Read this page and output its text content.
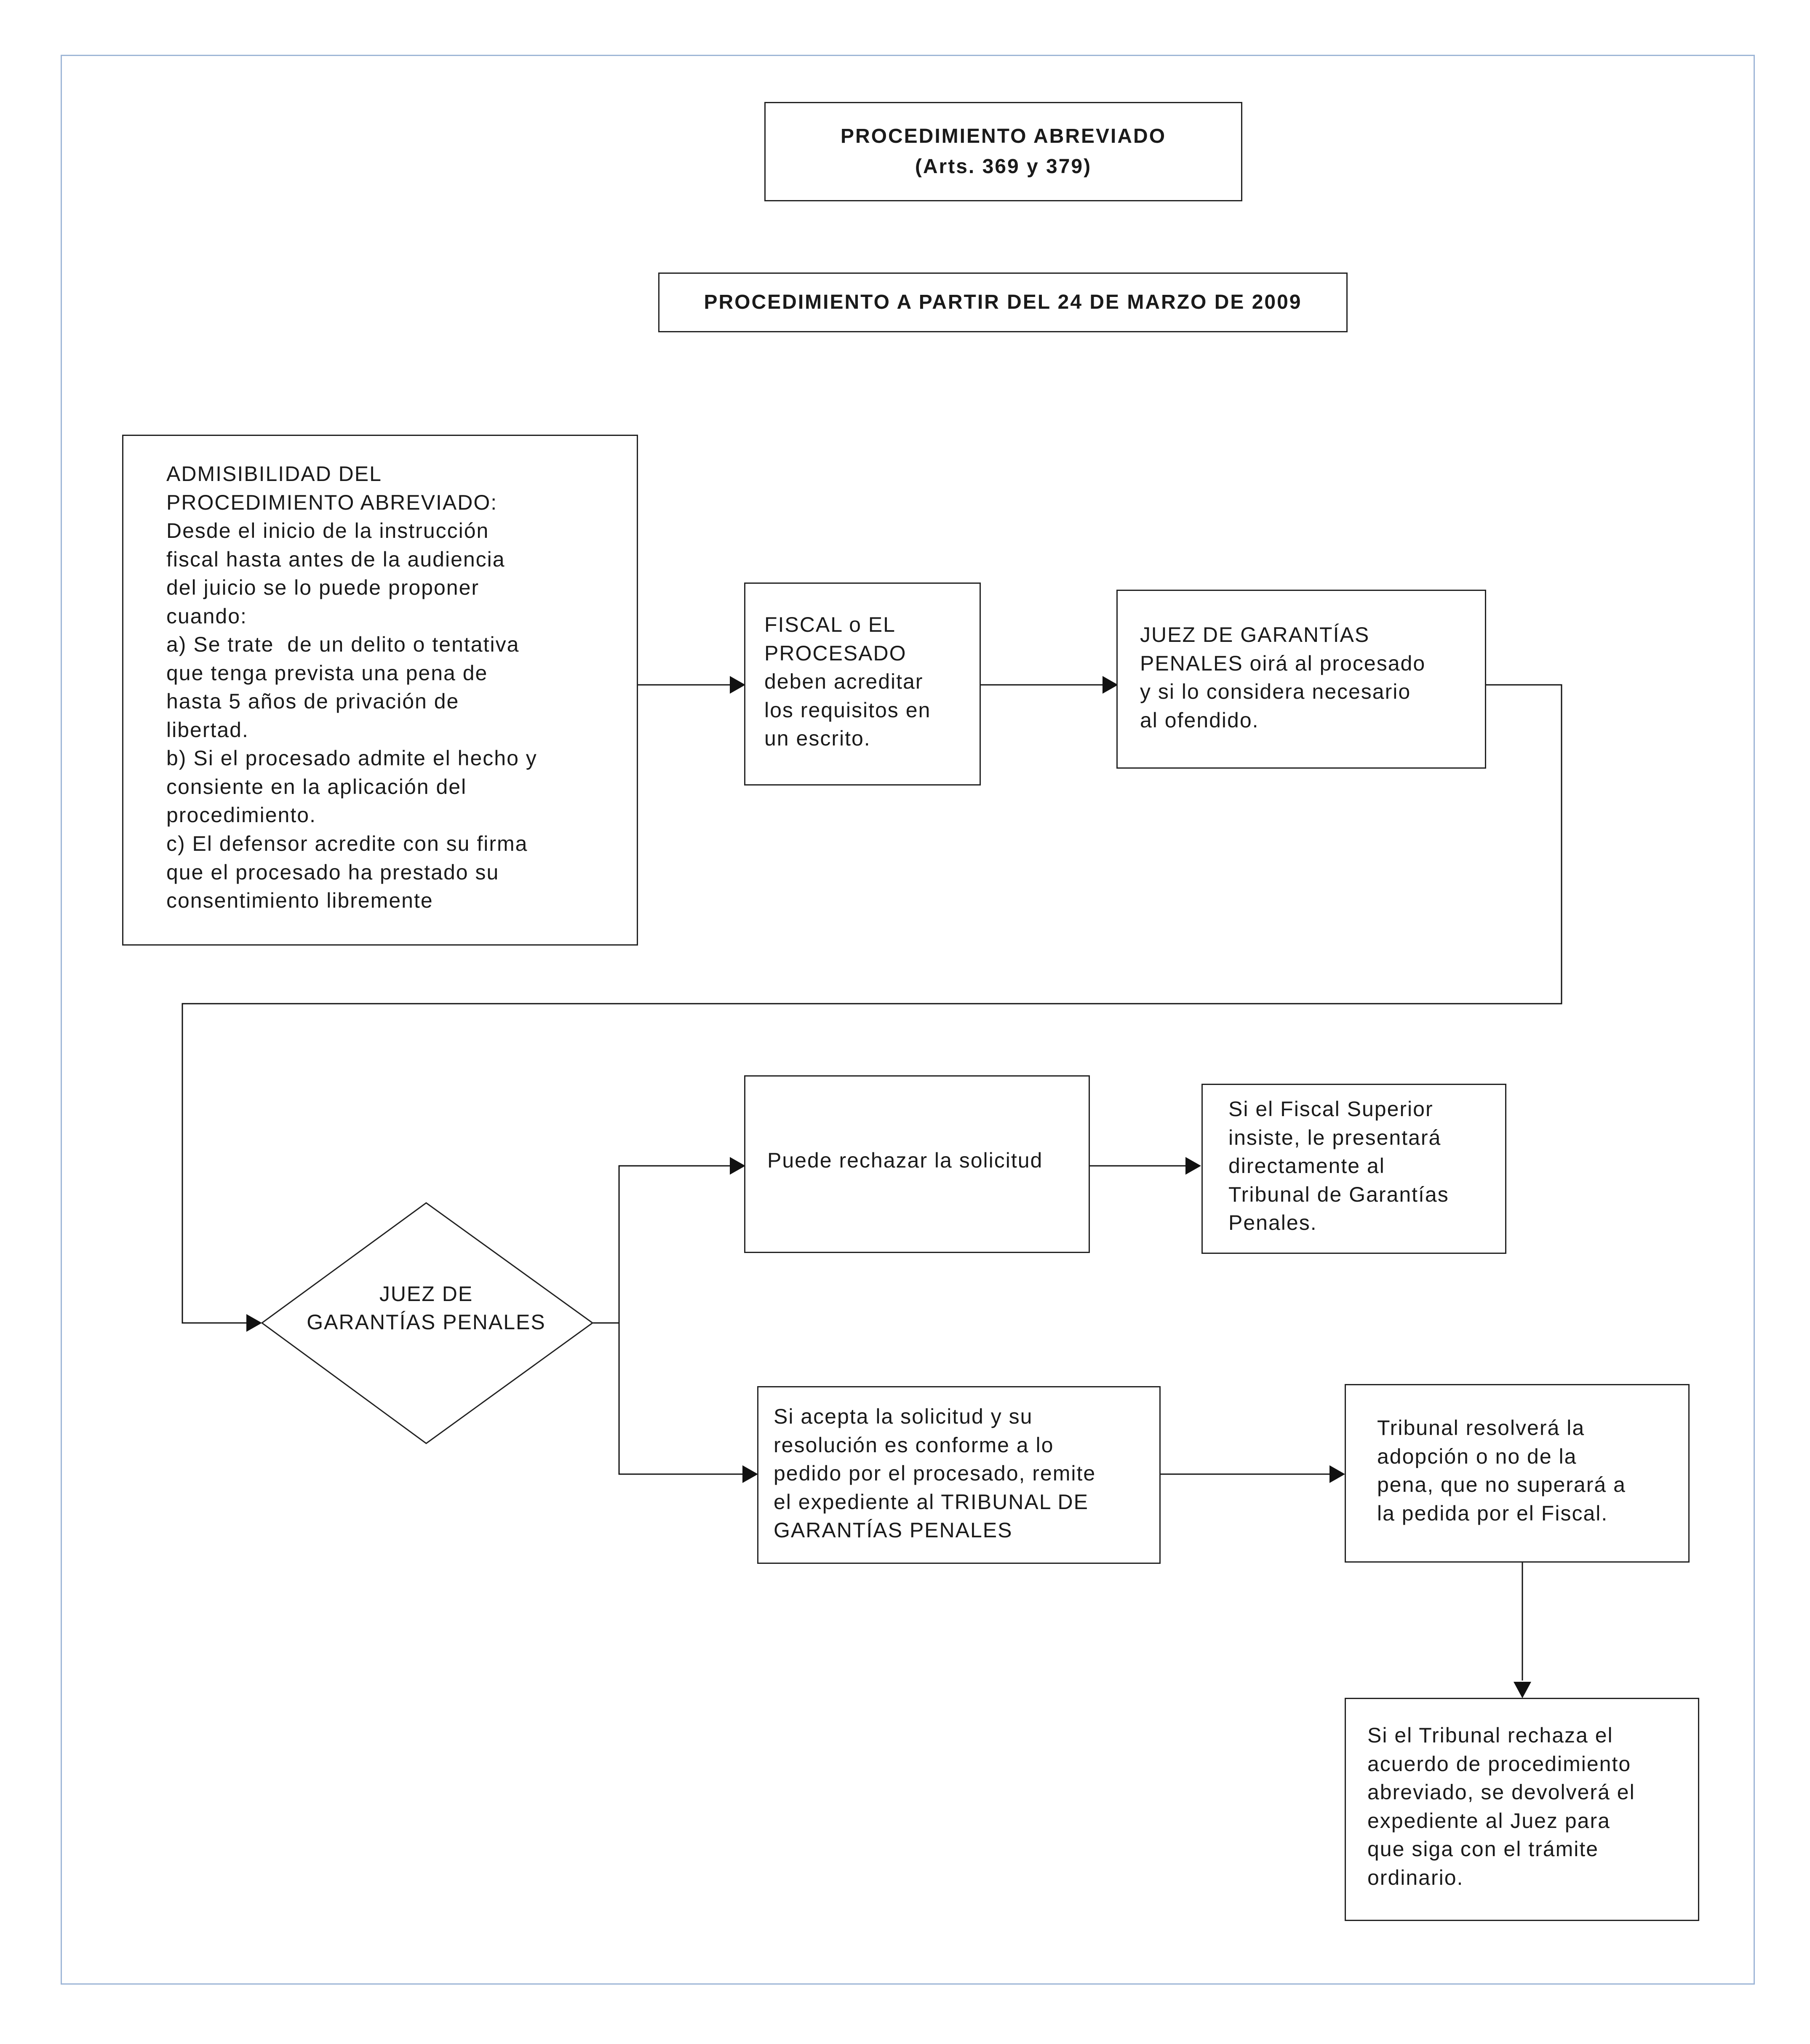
PROCEDIMIENTO ABREVIADO
(Arts. 369 y 379)
PROCEDIMIENTO A PARTIR DEL 24 DE MARZO DE 2009
ADMISIBILIDAD DEL
PROCEDIMIENTO ABREVIADO:
Desde el inicio de la instrucción
fiscal hasta antes de la audiencia
del juicio se lo puede proponer
cuando:
a) Se trate  de un delito o tentativa
que tenga prevista una pena de
hasta 5 años de privación de
libertad.
b) Si el procesado admite el hecho y
consiente en la aplicación del
procedimiento.
c) El defensor acredite con su firma
que el procesado ha prestado su
consentimiento libremente
FISCAL o EL
PROCESADO
deben acreditar
los requisitos en
un escrito.
JUEZ DE GARANTÍAS
PENALES oirá al procesado
y si lo considera necesario
al ofendido.
JUEZ DE
GARANTÍAS PENALES
Puede rechazar la solicitud
Si el Fiscal Superior
insiste, le presentará
directamente al
Tribunal de Garantías
Penales.
Si acepta la solicitud y su
resolución es conforme a lo
pedido por el procesado, remite
el expediente al TRIBUNAL DE
GARANTÍAS PENALES
Tribunal resolverá la
adopción o no de la
pena, que no superará a
la pedida por el Fiscal.
Si el Tribunal rechaza el
acuerdo de procedimiento
abreviado, se devolverá el
expediente al Juez para
que siga con el trámite
ordinario.
